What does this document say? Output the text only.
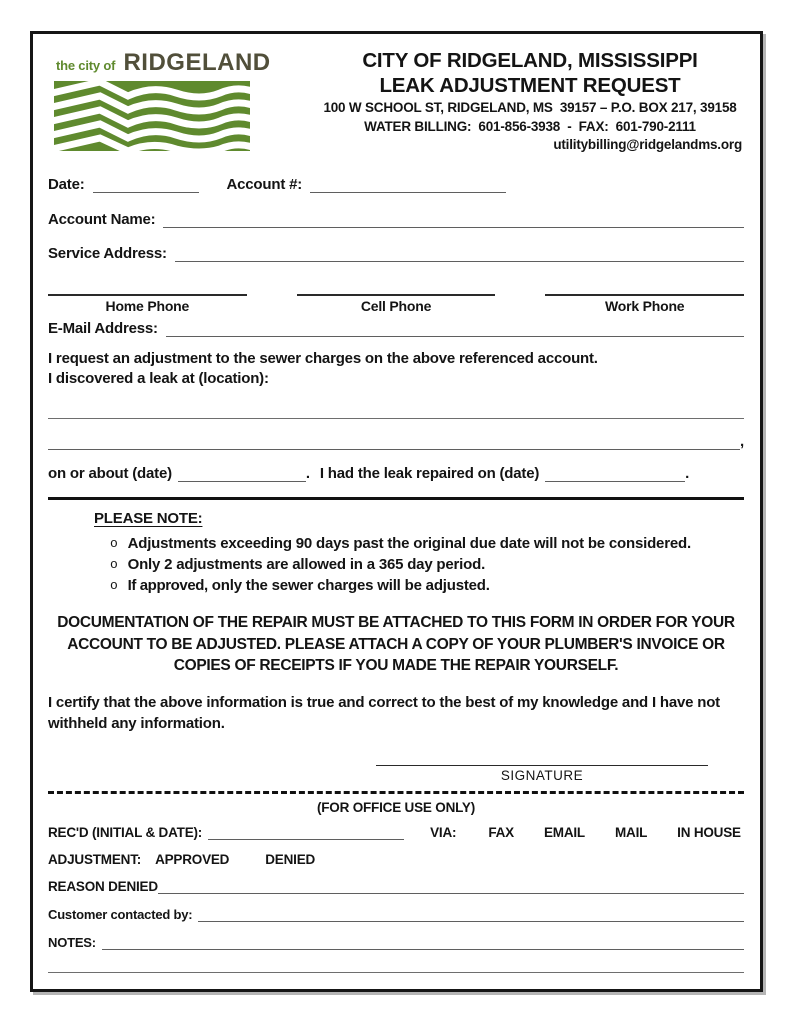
the city of RIDGELAND	CITY OF RIDGELAND, MISSISSIPPI
LEAK ADJUSTMENT REQUEST
100 W SCHOOL ST, RIDGELAND, MS  39157 – P.O. BOX 217, 39158
WATER BILLING:  601-856-3938  -  FAX:  601-790-2111
utilitybilling@ridgelandms.org
Date:	Account #:
Account Name:
Service Address:
Home Phone	Cell Phone	Work Phone
E-Mail Address:
I request an adjustment to the sewer charges on the above referenced account.
I discovered a leak at (location):
,
on or about (date)	. I had the leak repaired on (date)	.
PLEASE NOTE:
o Adjustments exceeding 90 days past the original due date will not be considered.
o Only 2 adjustments are allowed in a 365 day period.
o If approved, only the sewer charges will be adjusted.
DOCUMENTATION OF THE REPAIR MUST BE ATTACHED TO THIS FORM IN ORDER FOR YOUR ACCOUNT TO BE ADJUSTED. PLEASE ATTACH A COPY OF YOUR PLUMBER'S INVOICE OR COPIES OF RECEIPTS IF YOU MADE THE REPAIR YOURSELF.
I certify that the above information is true and correct to the best of my knowledge and I have not withheld any information.
SIGNATURE
(FOR OFFICE USE ONLY)
REC'D (INITIAL & DATE):	VIA: FAX EMAIL MAIL IN HOUSE
ADJUSTMENT: APPROVED	DENIED
REASON DENIED
Customer contacted by:
NOTES:
